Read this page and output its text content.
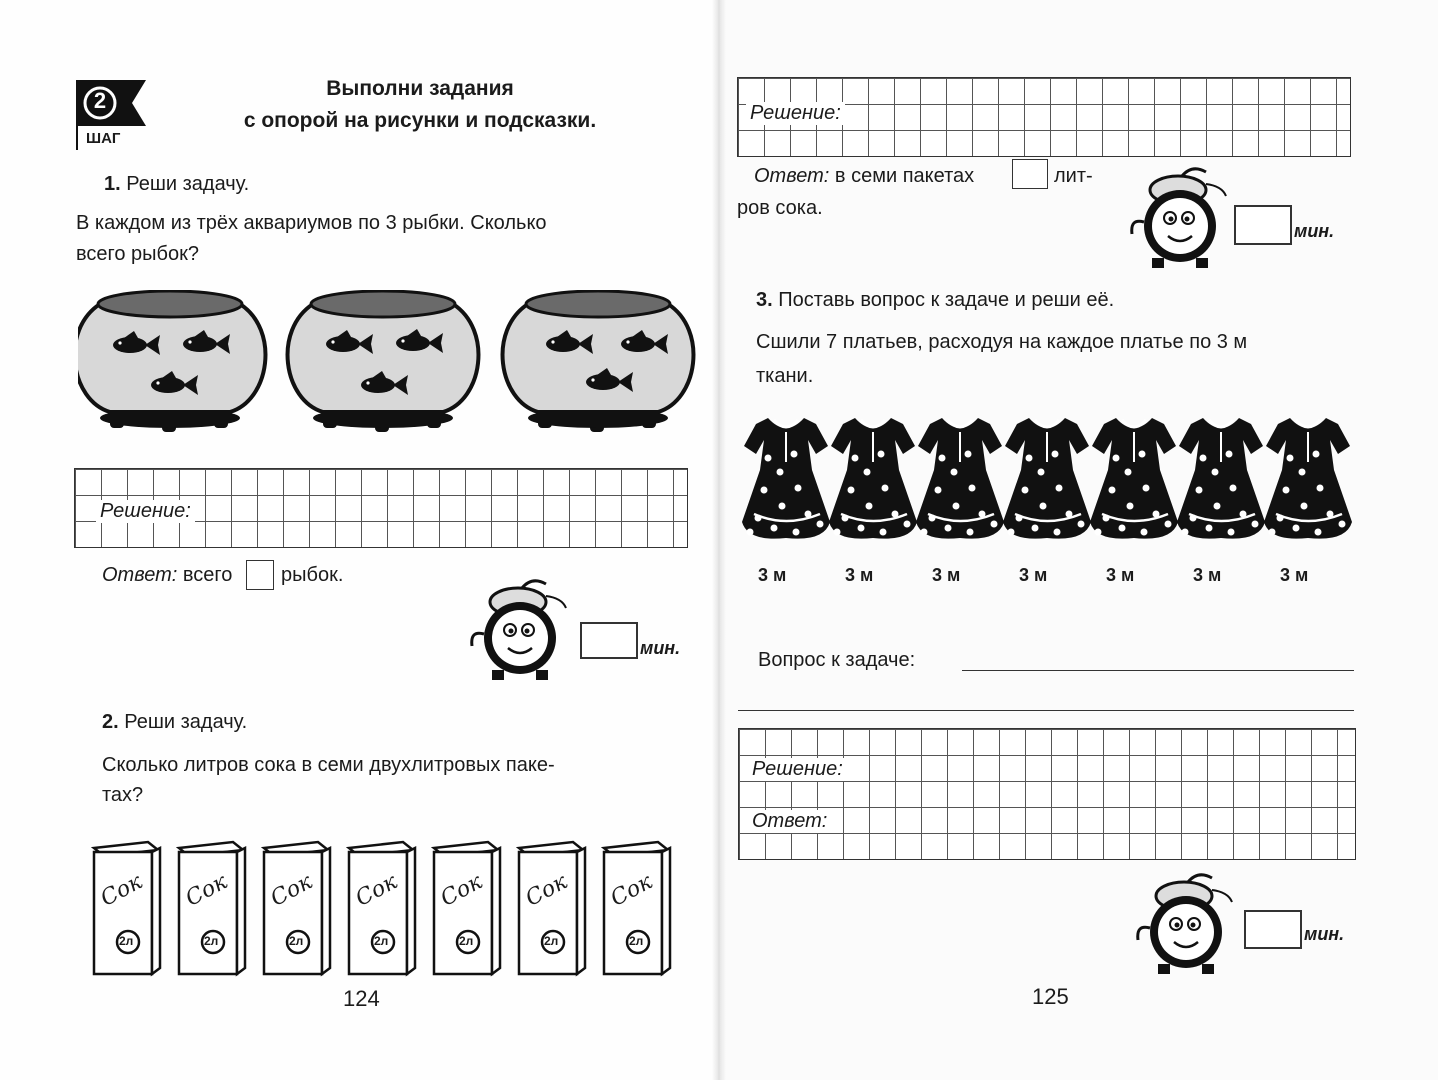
2
ШАГ
Выполни задания
с опорой на рисунки и подсказки.
1. Реши задачу.
В каждом из трёх аквариумов по 3 рыбки. Сколько
всего рыбок?
Решение:
Ответ: всего рыбок.
мин.
2. Реши задачу.
Сколько литров сока в семи двухлитровых паке-
тах?
Сок
2л
Сок
2л
Сок
2л
Сок
2л
Сок
2л
Сок
2л
Сок
2л
124
Решение:
Ответ: в семи пакетах	лит-
ров сока.
мин.
3. Поставь вопрос к задаче и реши её.
Сшили 7 платьев, расходуя на каждое платье по 3 м
ткани.
3 м	3 м	3 м	3 м	3 м	3 м	3 м
Вопрос к задаче:
Решение:
Ответ:
мин.
125
